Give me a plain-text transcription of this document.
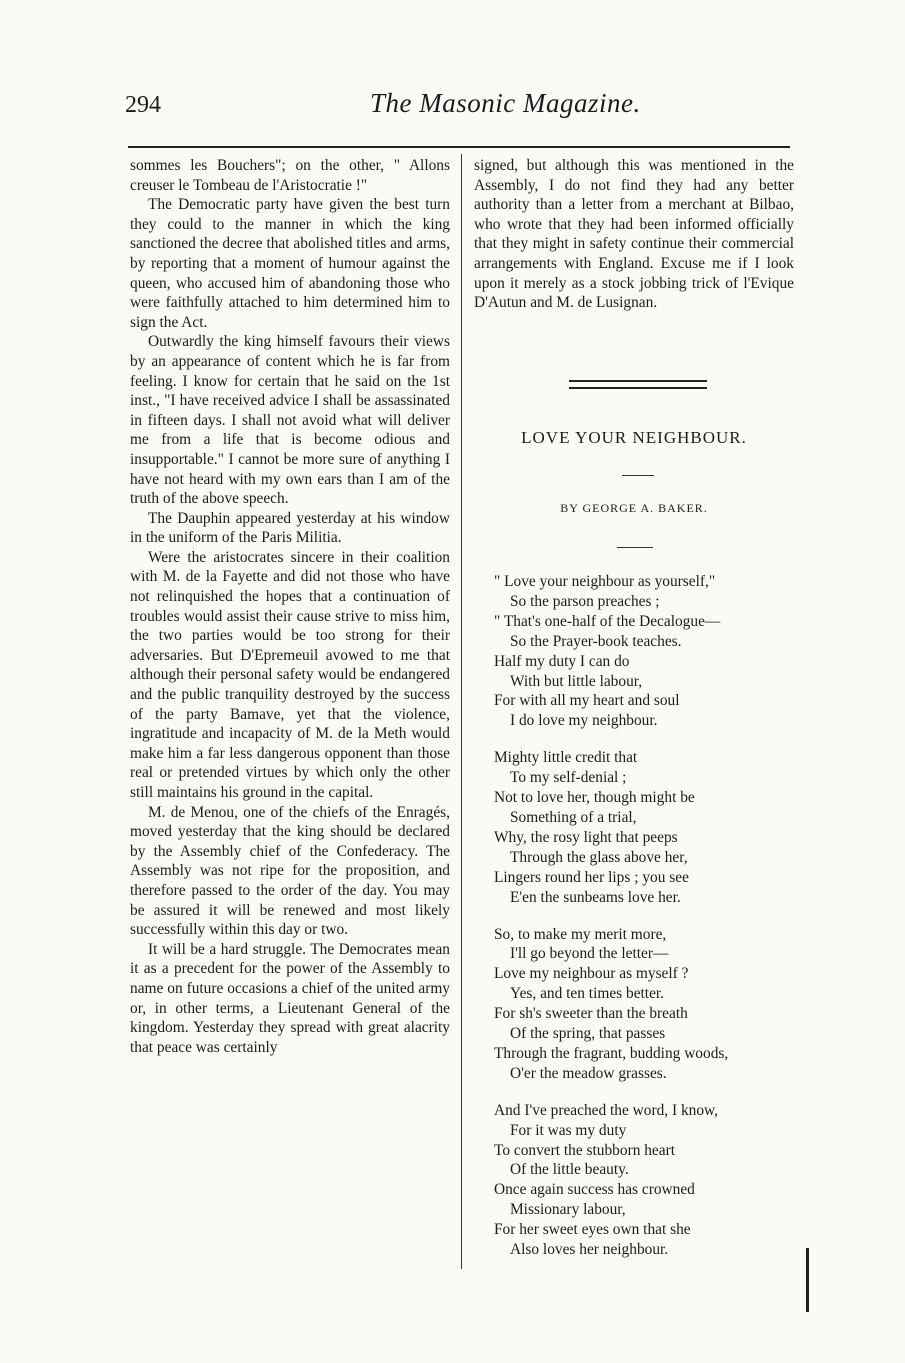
294	The Masonic Magazine.

sommes les Bouchers"; on the other, " Allons creuser le Tombeau de l'Aristocratie !"

The Democratic party have given the best turn they could to the manner in which the king sanctioned the decree that abolished titles and arms, by reporting that a moment of humour against the queen, who accused him of abandoning those who were faithfully attached to him determined him to sign the Act.

Outwardly the king himself favours their views by an appearance of content which he is far from feeling. I know for certain that he said on the 1st inst., "I have received advice I shall be assassinated in fifteen days. I shall not avoid what will deliver me from a life that is become odious and insupportable." I cannot be more sure of anything I have not heard with my own ears than I am of the truth of the above speech.

The Dauphin appeared yesterday at his window in the uniform of the Paris Militia.

Were the aristocrates sincere in their coalition with M. de la Fayette and did not those who have not relinquished the hopes that a continuation of troubles would assist their cause strive to miss him, the two parties would be too strong for their adversaries. But D'Epremeuil avowed to me that although their personal safety would be endangered and the public tranquility destroyed by the success of the party Bamave, yet that the violence, ingratitude and incapacity of M. de la Meth would make him a far less dangerous opponent than those real or pretended virtues by which only the other still maintains his ground in the capital.

M. de Menou, one of the chiefs of the Enragés, moved yesterday that the king should be declared by the Assembly chief of the Confederacy. The Assembly was not ripe for the proposition, and therefore passed to the order of the day. You may be assured it will be renewed and most likely successfully within this day or two.

It will be a hard struggle. The Democrates mean it as a precedent for the power of the Assembly to name on future occasions a chief of the united army or, in other terms, a Lieutenant General of the kingdom. Yesterday they spread with great alacrity that peace was certainly

signed, but although this was mentioned in the Assembly, I do not find they had any better authority than a letter from a merchant at Bilbao, who wrote that they had been informed officially that they might in safety continue their commercial arrangements with England. Excuse me if I look upon it merely as a stock jobbing trick of l'Evique D'Autun and M. de Lusignan.

LOVE YOUR NEIGHBOUR.
BY GEORGE A. BAKER.
" Love your neighbour as yourself,"
So the parson preaches ;
" That's one-half of the Decalogue—
So the Prayer-book teaches.
Half my duty I can do
With but little labour,
For with all my heart and soul
I do love my neighbour.
Mighty little credit that
To my self-denial ;
Not to love her, though might be
Something of a trial,
Why, the rosy light that peeps
Through the glass above her,
Lingers round her lips ; you see
E'en the sunbeams love her.
So, to make my merit more,
I'll go beyond the letter—
Love my neighbour as myself ?
Yes, and ten times better.
For sh's sweeter than the breath
Of the spring, that passes
Through the fragrant, budding woods,
O'er the meadow grasses.
And I've preached the word, I know,
For it was my duty
To convert the stubborn heart
Of the little beauty.
Once again success has crowned
Missionary labour,
For her sweet eyes own that she
Also loves her neighbour.
